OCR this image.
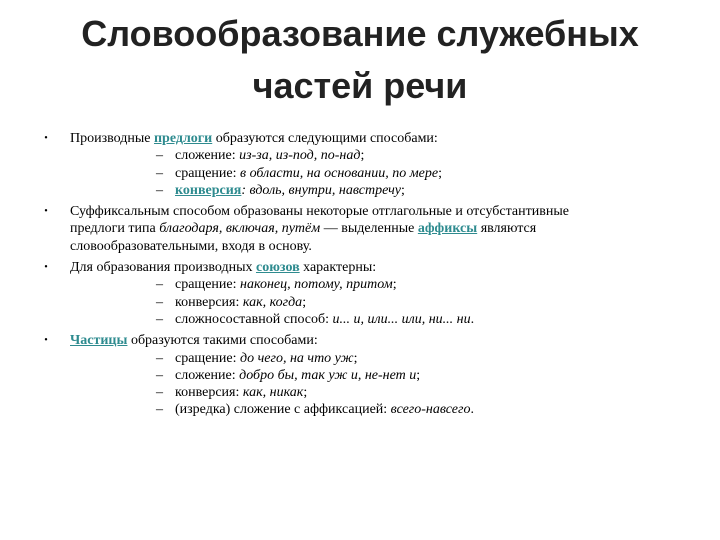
Словообразование служебных
частей речи
•	Производные предлоги образуются следующими способами:
– сложение: из-за, из-под, по-над;
– сращение: в области, на основании, по мере;
– конверсия: вдоль, внутри, навстречу;
•	Суффиксальным способом образованы некоторые отглагольные и отсубстантивные
предлоги типа благодаря, включая, путём — выделенные аффиксы являются
словообразовательными, входя в основу.
•	Для образования производных союзов характерны:
– сращение: наконец, потому, притом;
– конверсия: как, когда;
– сложносоставной способ: и... и, или... или, ни... ни.
•	Частицы образуются такими способами:
– сращение: до чего, на что уж;
– сложение: добро бы, так уж и, не-нет и;
– конверсия: как, никак;
– (изредка) сложение с аффиксацией: всего-навсего.
